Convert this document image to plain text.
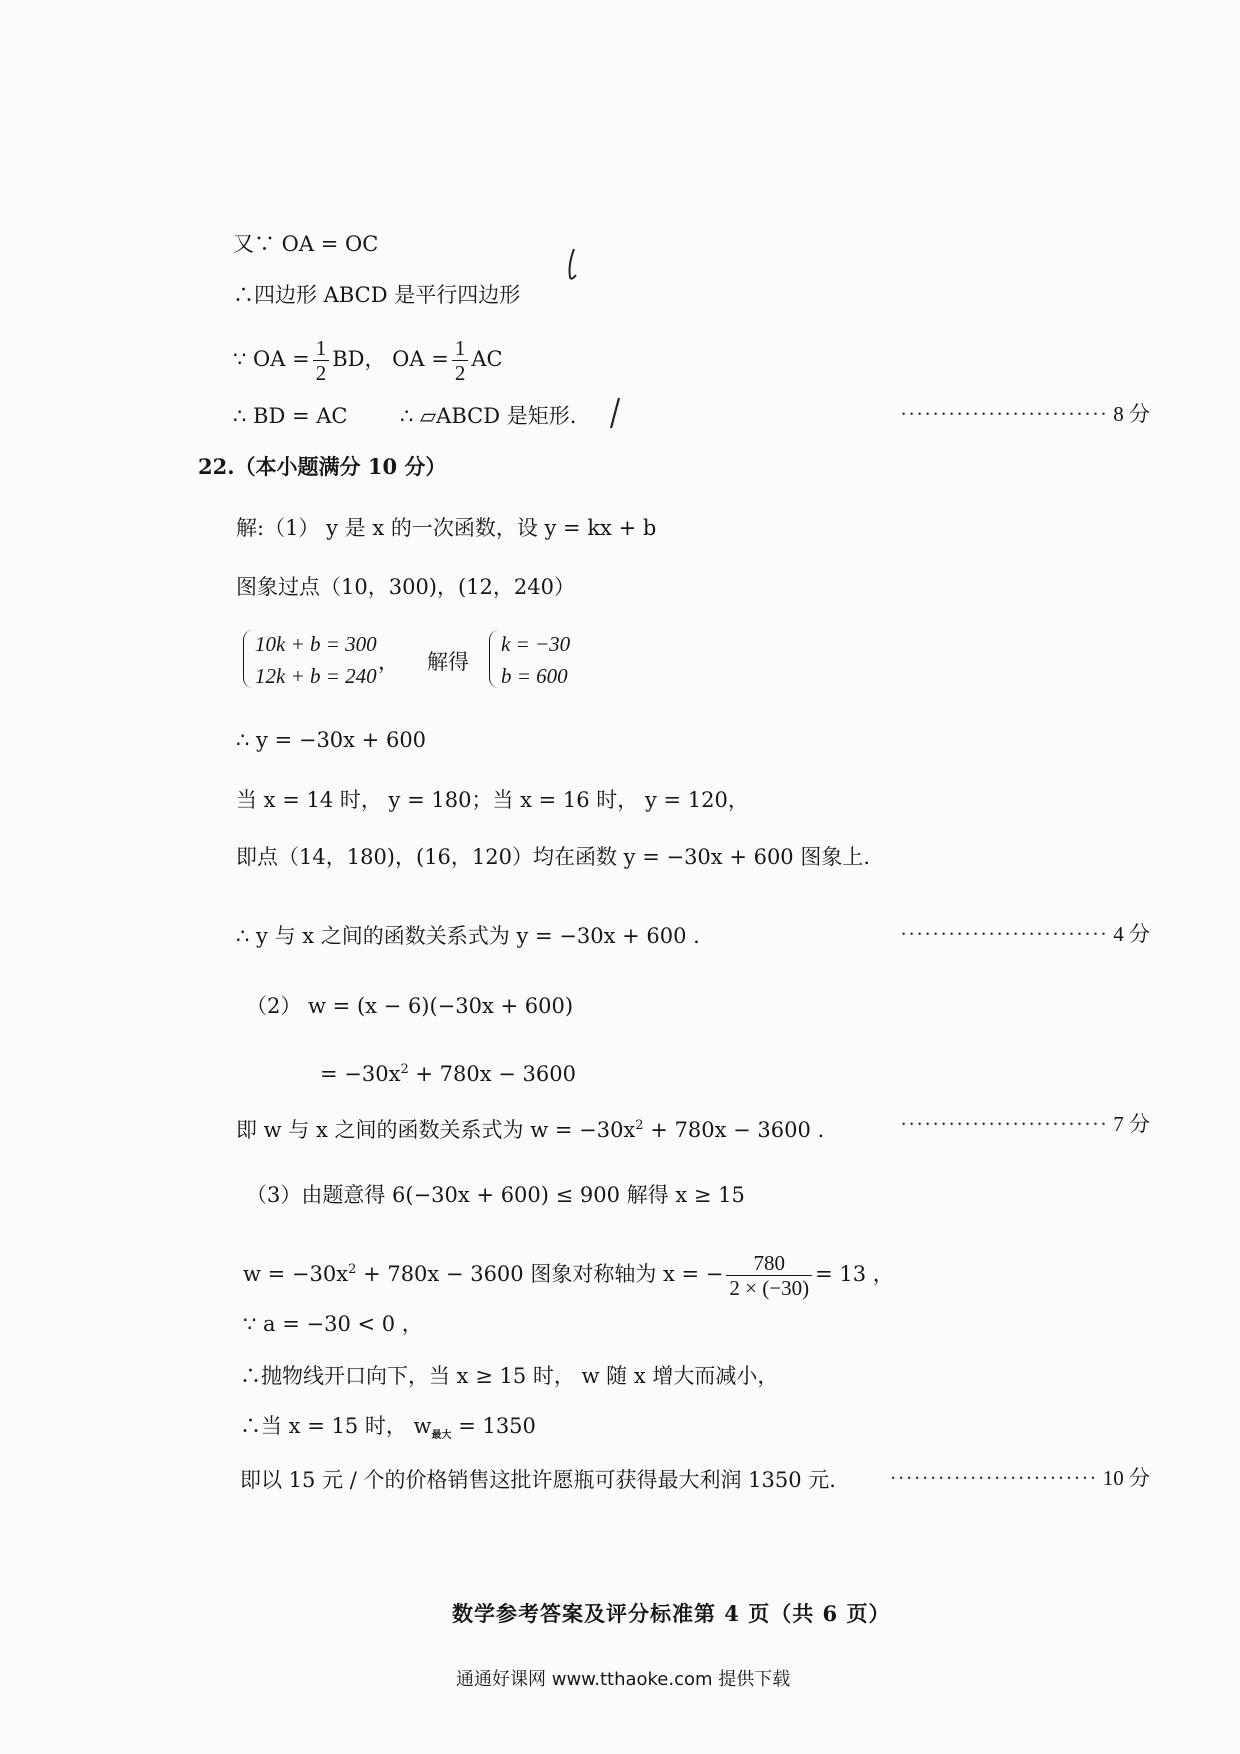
又∵ OA = OC
∴四边形 ABCD 是平行四边形
∵ OA = $\frac{1}{2}$ BD， OA = $\frac{1}{2}$ AC
∴ BD = AC	∴ ▱ABCD 是矩形.	·························· 8 分
22.（本小题满分 10 分）
解:（1） y 是 x 的一次函数，设 y = kx + b
图象过点（10，300)，(12，240）
10k + b = 300
12k + b = 240
， 解得
k = −30
b = 600
∴ y = −30x + 600
当 x = 14 时， y = 180；当 x = 16 时， y = 120，
即点（14，180)，(16，120）均在函数 y = −30x + 600 图象上.
∴ y 与 x 之间的函数关系式为 y = −30x + 600 .	·························· 4 分
（2） w = (x − 6)(−30x + 600)
= $-30x^2 + 780x - 3600$
即 w 与 x 之间的函数关系式为 $w = -30x^2 + 780x - 3600$ .	·························· 7 分
（3）由题意得 6(−30x + 600) ≤ 900 解得 x ≥ 15
$w = -30x^2 + 780x - 3600$ 图象对称轴为 x = − $\frac{780}{2 \times (-30)} = 13$ ，
∵ a = −30 < 0 ，
∴抛物线开口向下，当 x ≥ 15 时， w 随 x 增大而减小，
∴当 x = 15 时， $w_{最大} = 1350$
即以 15 元 / 个的价格销售这批许愿瓶可获得最大利润 1350 元.	·························· 10 分
数学参考答案及评分标准第 4 页（共 6 页）
通通好课网 www.tthaoke.com 提供下载
